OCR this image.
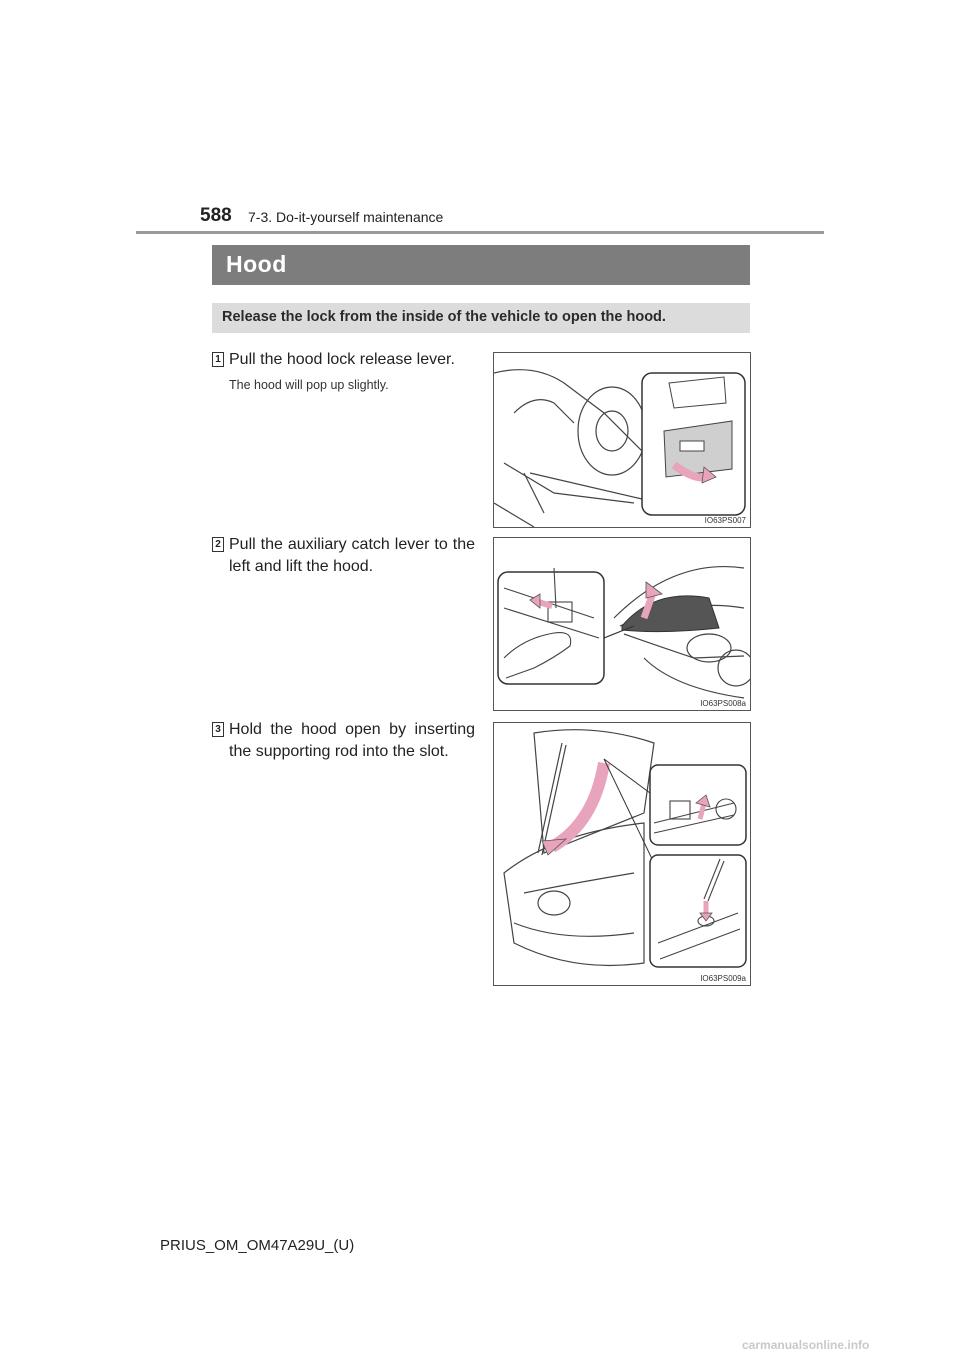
588 7-3. Do-it-yourself maintenance
Hood
Release the lock from the inside of the vehicle to open the hood.
1 Pull the hood lock release lever.
The hood will pop up slightly.
IO63PS007
2 Pull the auxiliary catch lever to the left and lift the hood.
IO63PS008a
3 Hold the hood open by inserting the supporting rod into the slot.
IO63PS009a
PRIUS_OM_OM47A29U_(U)
carmanualsonline.info
